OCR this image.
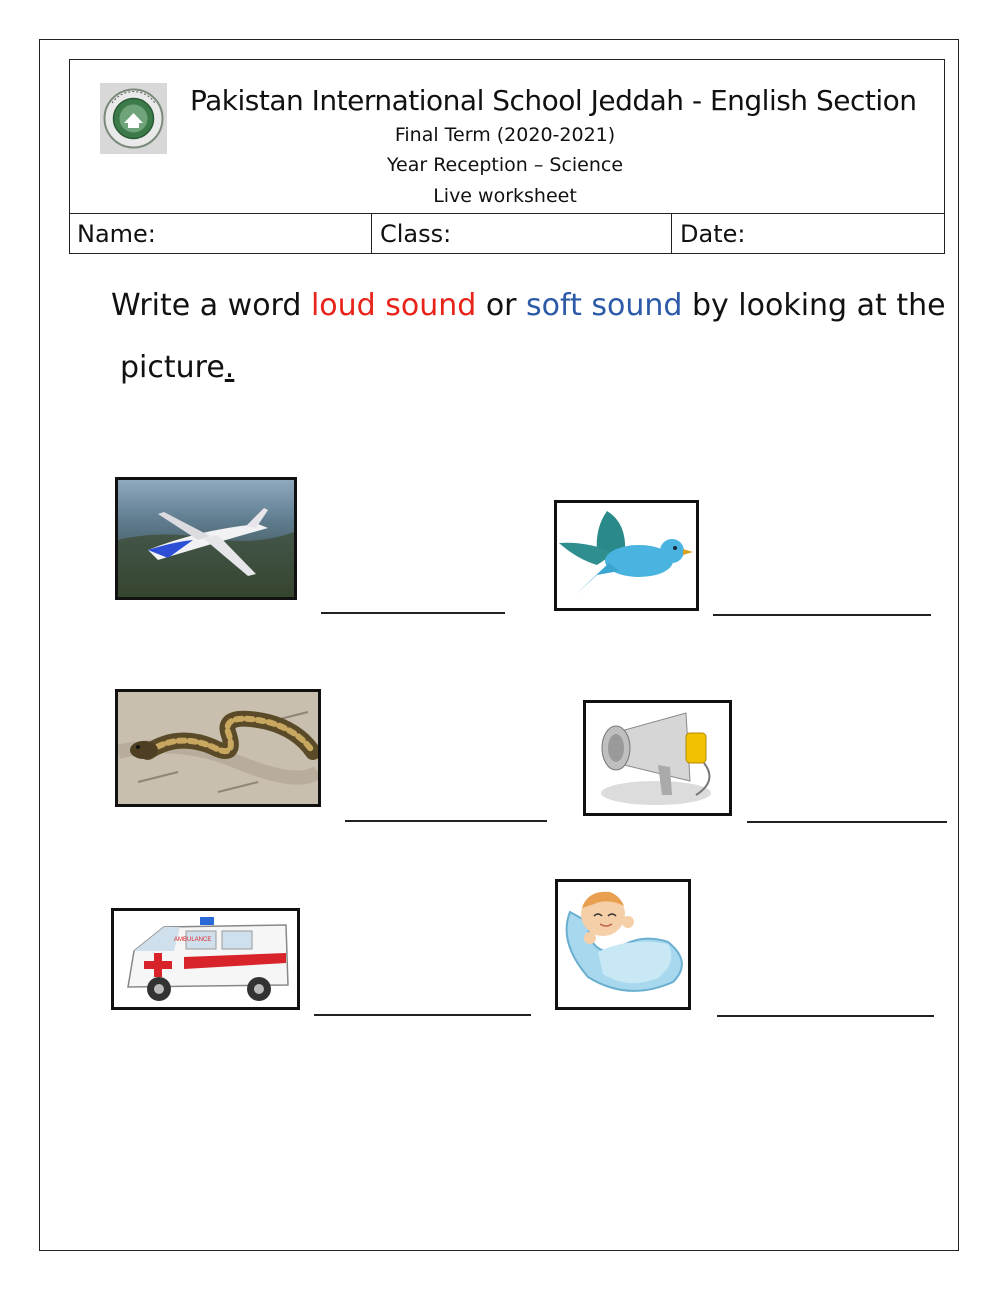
Pakistan International School Jeddah - English Section
Final Term (2020-2021)
Year Reception – Science
Live worksheet
Name:	Class:	Date:
Write a word loud sound or soft sound by looking at the
picture.
AMBULANCE
